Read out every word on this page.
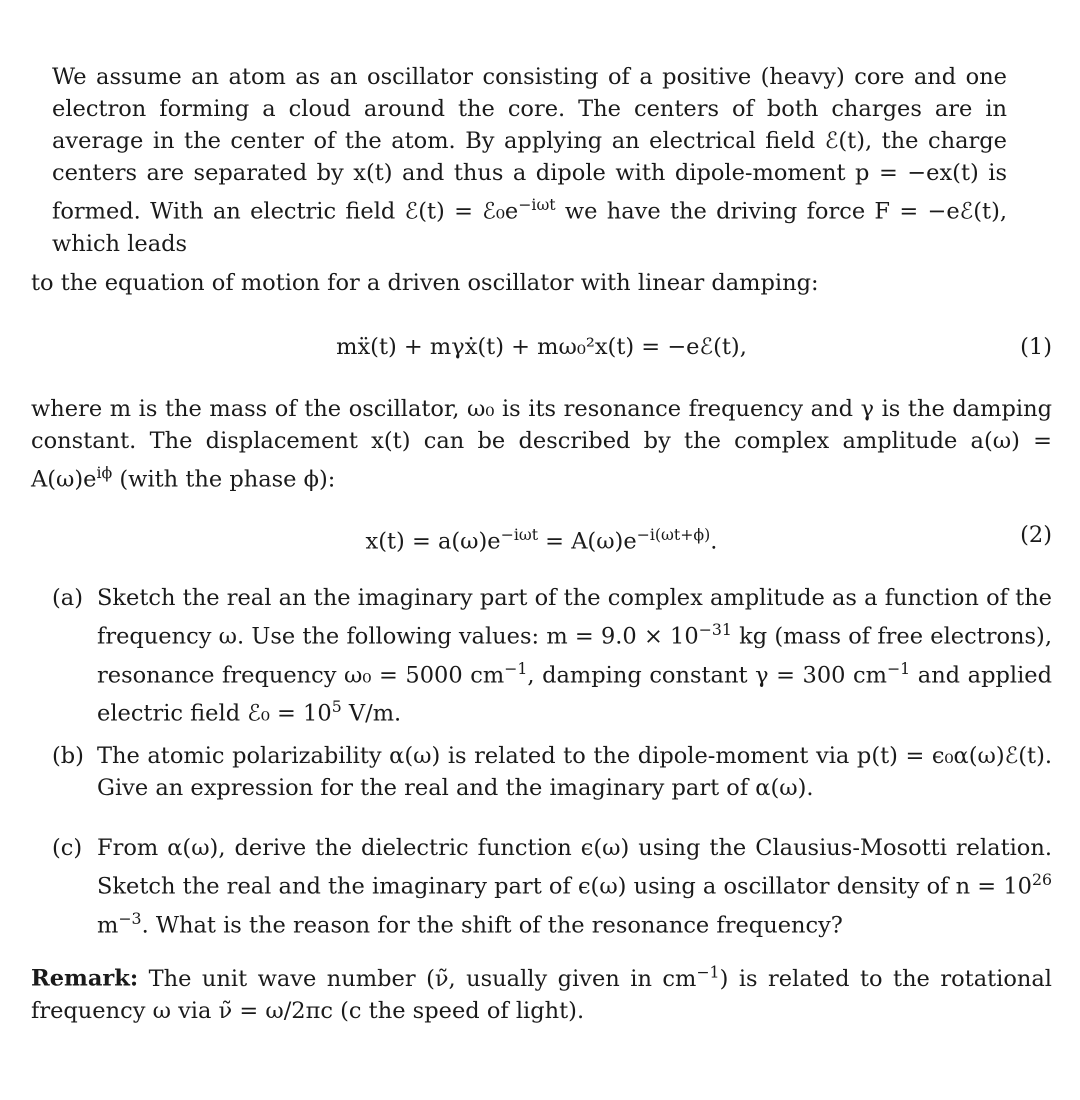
We assume an atom as an oscillator consisting of a positive (heavy) core and one electron forming a cloud around the core. The centers of both charges are in average in the center of the atom. By applying an electrical field ℰ(t), the charge centers are separated by x(t) and thus a dipole with dipole-moment p = −ex(t) is formed. With an electric field ℰ(t) = $ℰ_0e^{-i\omega t}$ we have the driving force F = −eℰ(t), which leads

to the equation of motion for a driven oscillator with linear damping:

mẍ(t) + mγẋ(t) + mω₀²x(t) = −eℰ(t),	(1)

where m is the mass of the oscillator, ω₀ is its resonance frequency and γ is the damping constant. The displacement x(t) can be described by the complex amplitude $a(\omega) = A(\omega)e^{i\phi}$ (with the phase ϕ):

$x(t) = a(\omega)e^{-i\omega t} = A(\omega)e^{-i(\omega t+\phi)}$.	(2)
(a) Sketch the real an the imaginary part of the complex amplitude as a function of the frequency ω. Use the following values: $m = 9.0 \times 10^{-31}$ kg (mass of free electrons), resonance frequency ω₀ = 5000 $cm^{-1}$, damping constant γ = 300 $cm^{-1}$ and applied electric field ℰ₀ = $10^5$ V/m.
(b) The atomic polarizability α(ω) is related to the dipole-moment via p(t) = ϵ₀α(ω)ℰ(t). Give an expression for the real and the imaginary part of α(ω).
(c) From α(ω), derive the dielectric function ϵ(ω) using the Clausius-Mosotti relation. Sketch the real and the imaginary part of ϵ(ω) using a oscillator density of $n = 10^{26}$ $m^{-3}$. What is the reason for the shift of the resonance frequency?

Remark: The unit wave number (ν̃, usually given in $cm^{-1}$) is related to the rotational frequency ω via ν̃ = ω/2πc (c the speed of light).
